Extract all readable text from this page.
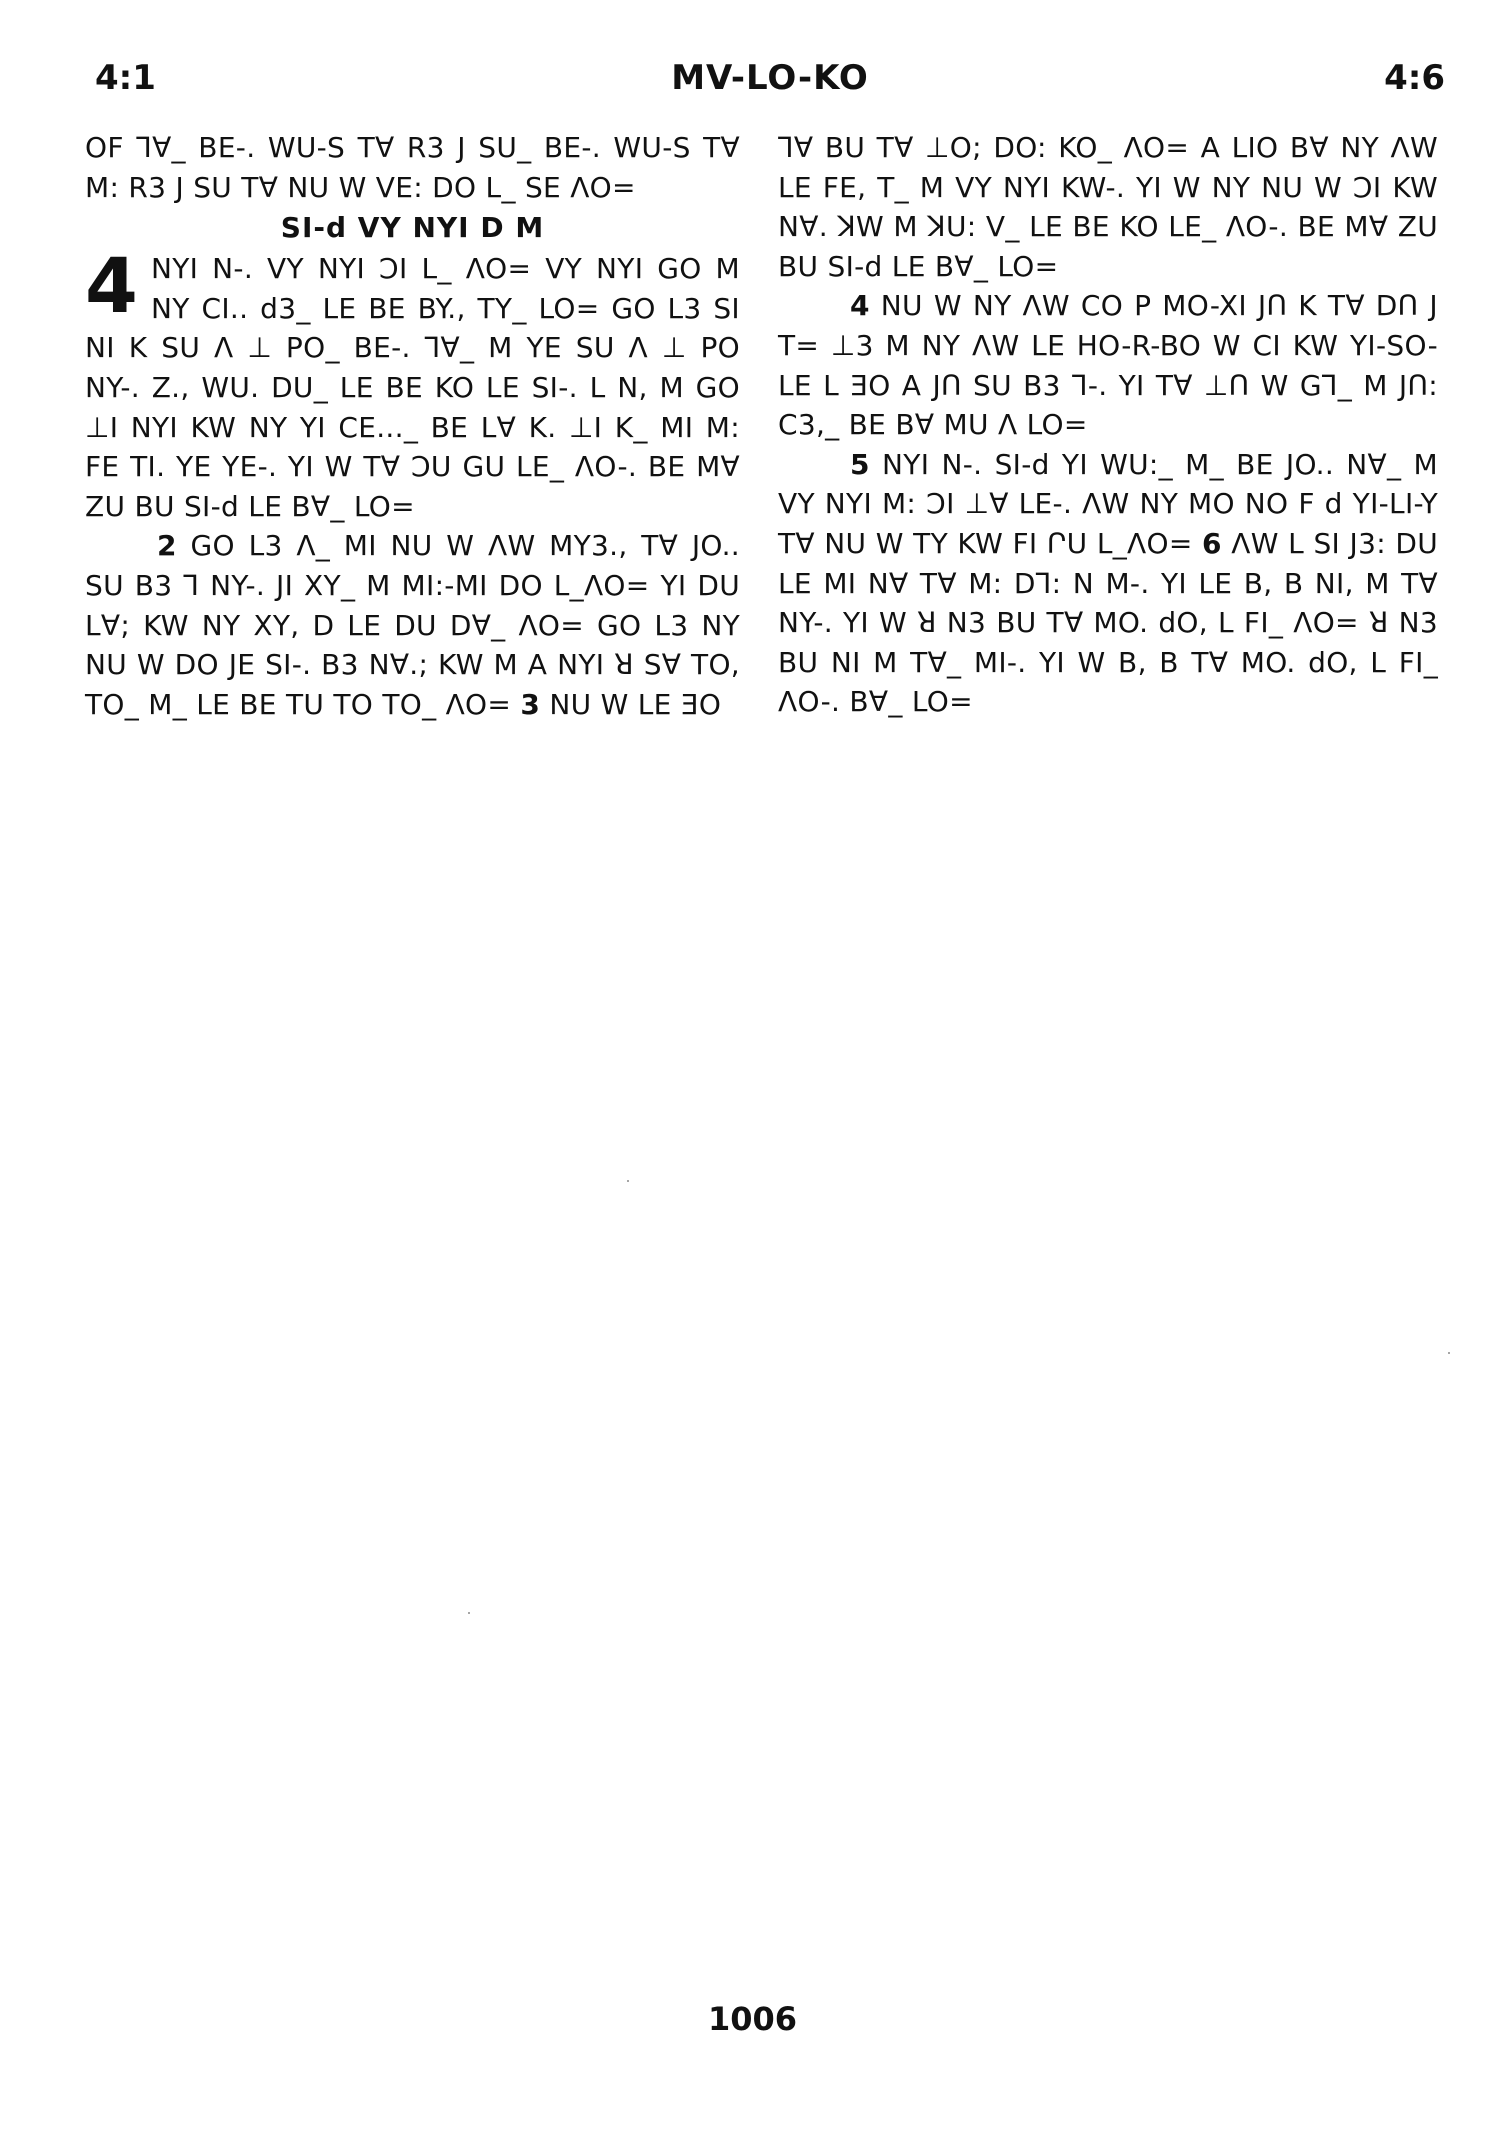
4:1	MV-LO-KO	4:6

OF ꓶ∀_ BE-. WU-S T∀ R3 J SU_ BE-. WU-S T∀ M: R3 J SU T∀ NU W VE: DO L_ SE ΛO=

SI-d VY NYI D M

4 NYI N-. VY NYI ƆI L_ ΛO= VY NYI GO M NY CI.. d3_ LE BE BY., TY_ LO= GO L3 SI NI K SU Λ ⊥ PO_ BE-. ꓶ∀_ M YE SU Λ ⊥ PO NY-. Z., WU. DU_ LE BE KO LE SI-. L N, M GO ⊥I NYI KW NY YI CE..._ BE L∀ K. ⊥I K_ MI M: FE TI. YE YE-. YI W T∀ ƆU GU LE_ ΛO-. BE M∀ ZU BU SI-d LE B∀_ LO=

2 GO L3 Λ_ MI NU W ΛW MY3., T∀ JO.. SU B3 ꓶ NY-. JI XY_ M MI:-MI DO L_ΛO= YI DU L∀; KW NY XY, D LE DU D∀_ ΛO= GO L3 NY NU W DO JE SI-. B3 N∀.; KW M A NYI ꓤ S∀ TO, TO_ M_ LE BE TU TO TO_ ΛO= 3 NU W LE ƎO

ꓶ∀ BU T∀ ⊥O; DO: KO_ ΛO= A LIO B∀ NY ΛW LE FE, T_ M VY NYI KW-. YI W NY NU W ƆI KW N∀. ꓘW M ꓘU: V_ LE BE KO LE_ ΛO-. BE M∀ ZU BU SI-d LE B∀_ LO=

4 NU W NY ΛW CO P MO-XI JՈ K T∀ DՈ J T= ⊥3 M NY ΛW LE HO-R-BO W CI KW YI-SO-LE L ƎO A JՈ SU B3 ꓶ-. YI T∀ ⊥Ո W Gꓶ_ M JՈ: C3,_ BE B∀ MU Λ LO=

5 NYI N-. SI-d YI WU:_ M_ BE JO.. N∀_ M VY NYI M: ƆI ⊥∀ LE-. ΛW NY MO NO F d YI-LI-Y T∀ NU W TY KW FI ՐU L_ΛO= 6 ΛW L SI J3: DU LE MI N∀ T∀ M: Dꓶ: N M-. YI LE B, B NI, M T∀ NY-. YI W ꓤ N3 BU T∀ MO. dO, L FI_ ΛO= ꓤ N3 BU NI M T∀_ MI-. YI W B, B T∀ MO. dO, L FI_ ΛO-. B∀_ LO=

1006
